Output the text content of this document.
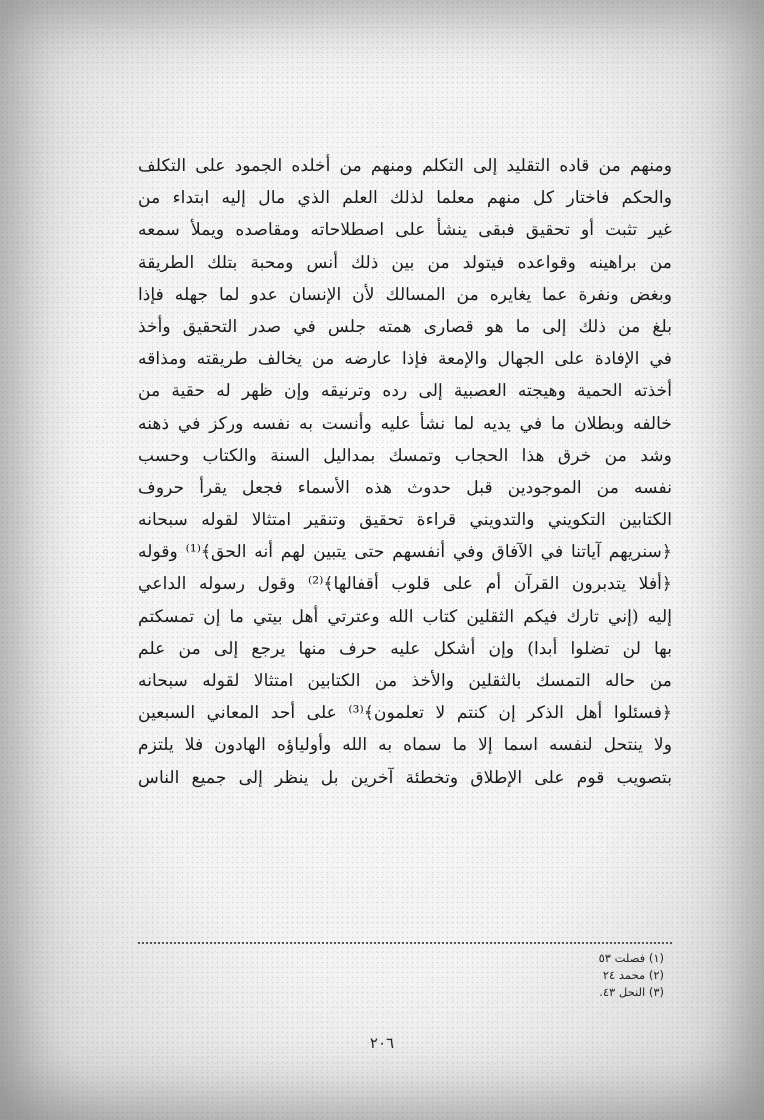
ومنهم من قاده التقليد إلى التكلم ومنهم من أخلده الجمود على التكلف
والحكم فاختار كل منهم معلما لذلك العلم الذي مال إليه ابتداء من
غير تثبت أو تحقيق فبقى ينشأ على اصطلاحاته ومقاصده ويملأ سمعه
من براهينه وقواعده فيتولد من بين ذلك أنس ومحبة بتلك الطريقة
وبغض ونفرة عما يغايره من المسالك لأن الإنسان عدو لما جهله فإذا
بلغ من ذلك إلى ما هو قصارى همته جلس في صدر التحقيق وأخذ
في الإفادة على الجهال والإمعة فإذا عارضه من يخالف طريقته ومذاقه
أخذته الحمية وهيجته العصبية إلى رده وترنيقه وإن ظهر له حقية من
خالفه وبطلان ما في يديه لما نشأ عليه وأنست به نفسه وركز في ذهنه
وشد من خرق هذا الحجاب وتمسك بمداليل السنة والكتاب وحسب
نفسه من الموجودين قبل حدوث هذه الأسماء فجعل يقرأ حروف
الكتابين التكويني والتدويني قراءة تحقيق وتنقير امتثالا لقوله سبحانه
﴿سنريهم آياتنا في الآفاق وفي أنفسهم حتى يتبين لهم أنه الحق﴾⁽¹⁾ وقوله
﴿أفلا يتدبرون القرآن أم على قلوب أقفالها﴾⁽²⁾ وقول رسوله الداعي
إليه (إني تارك فيكم الثقلين كتاب الله وعترتي أهل بيتي ما إن تمسكتم
بها لن تضلوا أبدا) وإن أشكل عليه حرف منها يرجع إلى من علم
من حاله التمسك بالثقلين والأخذ من الكتابين امتثالا لقوله سبحانه
﴿فسئلوا أهل الذكر إن كنتم لا تعلمون﴾⁽³⁾ على أحد المعاني السبعين
ولا ينتحل لنفسه اسما إلا ما سماه به الله وأولياؤه الهادون فلا يلتزم
بتصويب قوم على الإطلاق وتخطئة آخرين بل ينظر إلى جميع الناس
(١) فصلت ٥٣
(٢) محمد ٢٤
(٣) النحل ٤٣.
٢٠٦
